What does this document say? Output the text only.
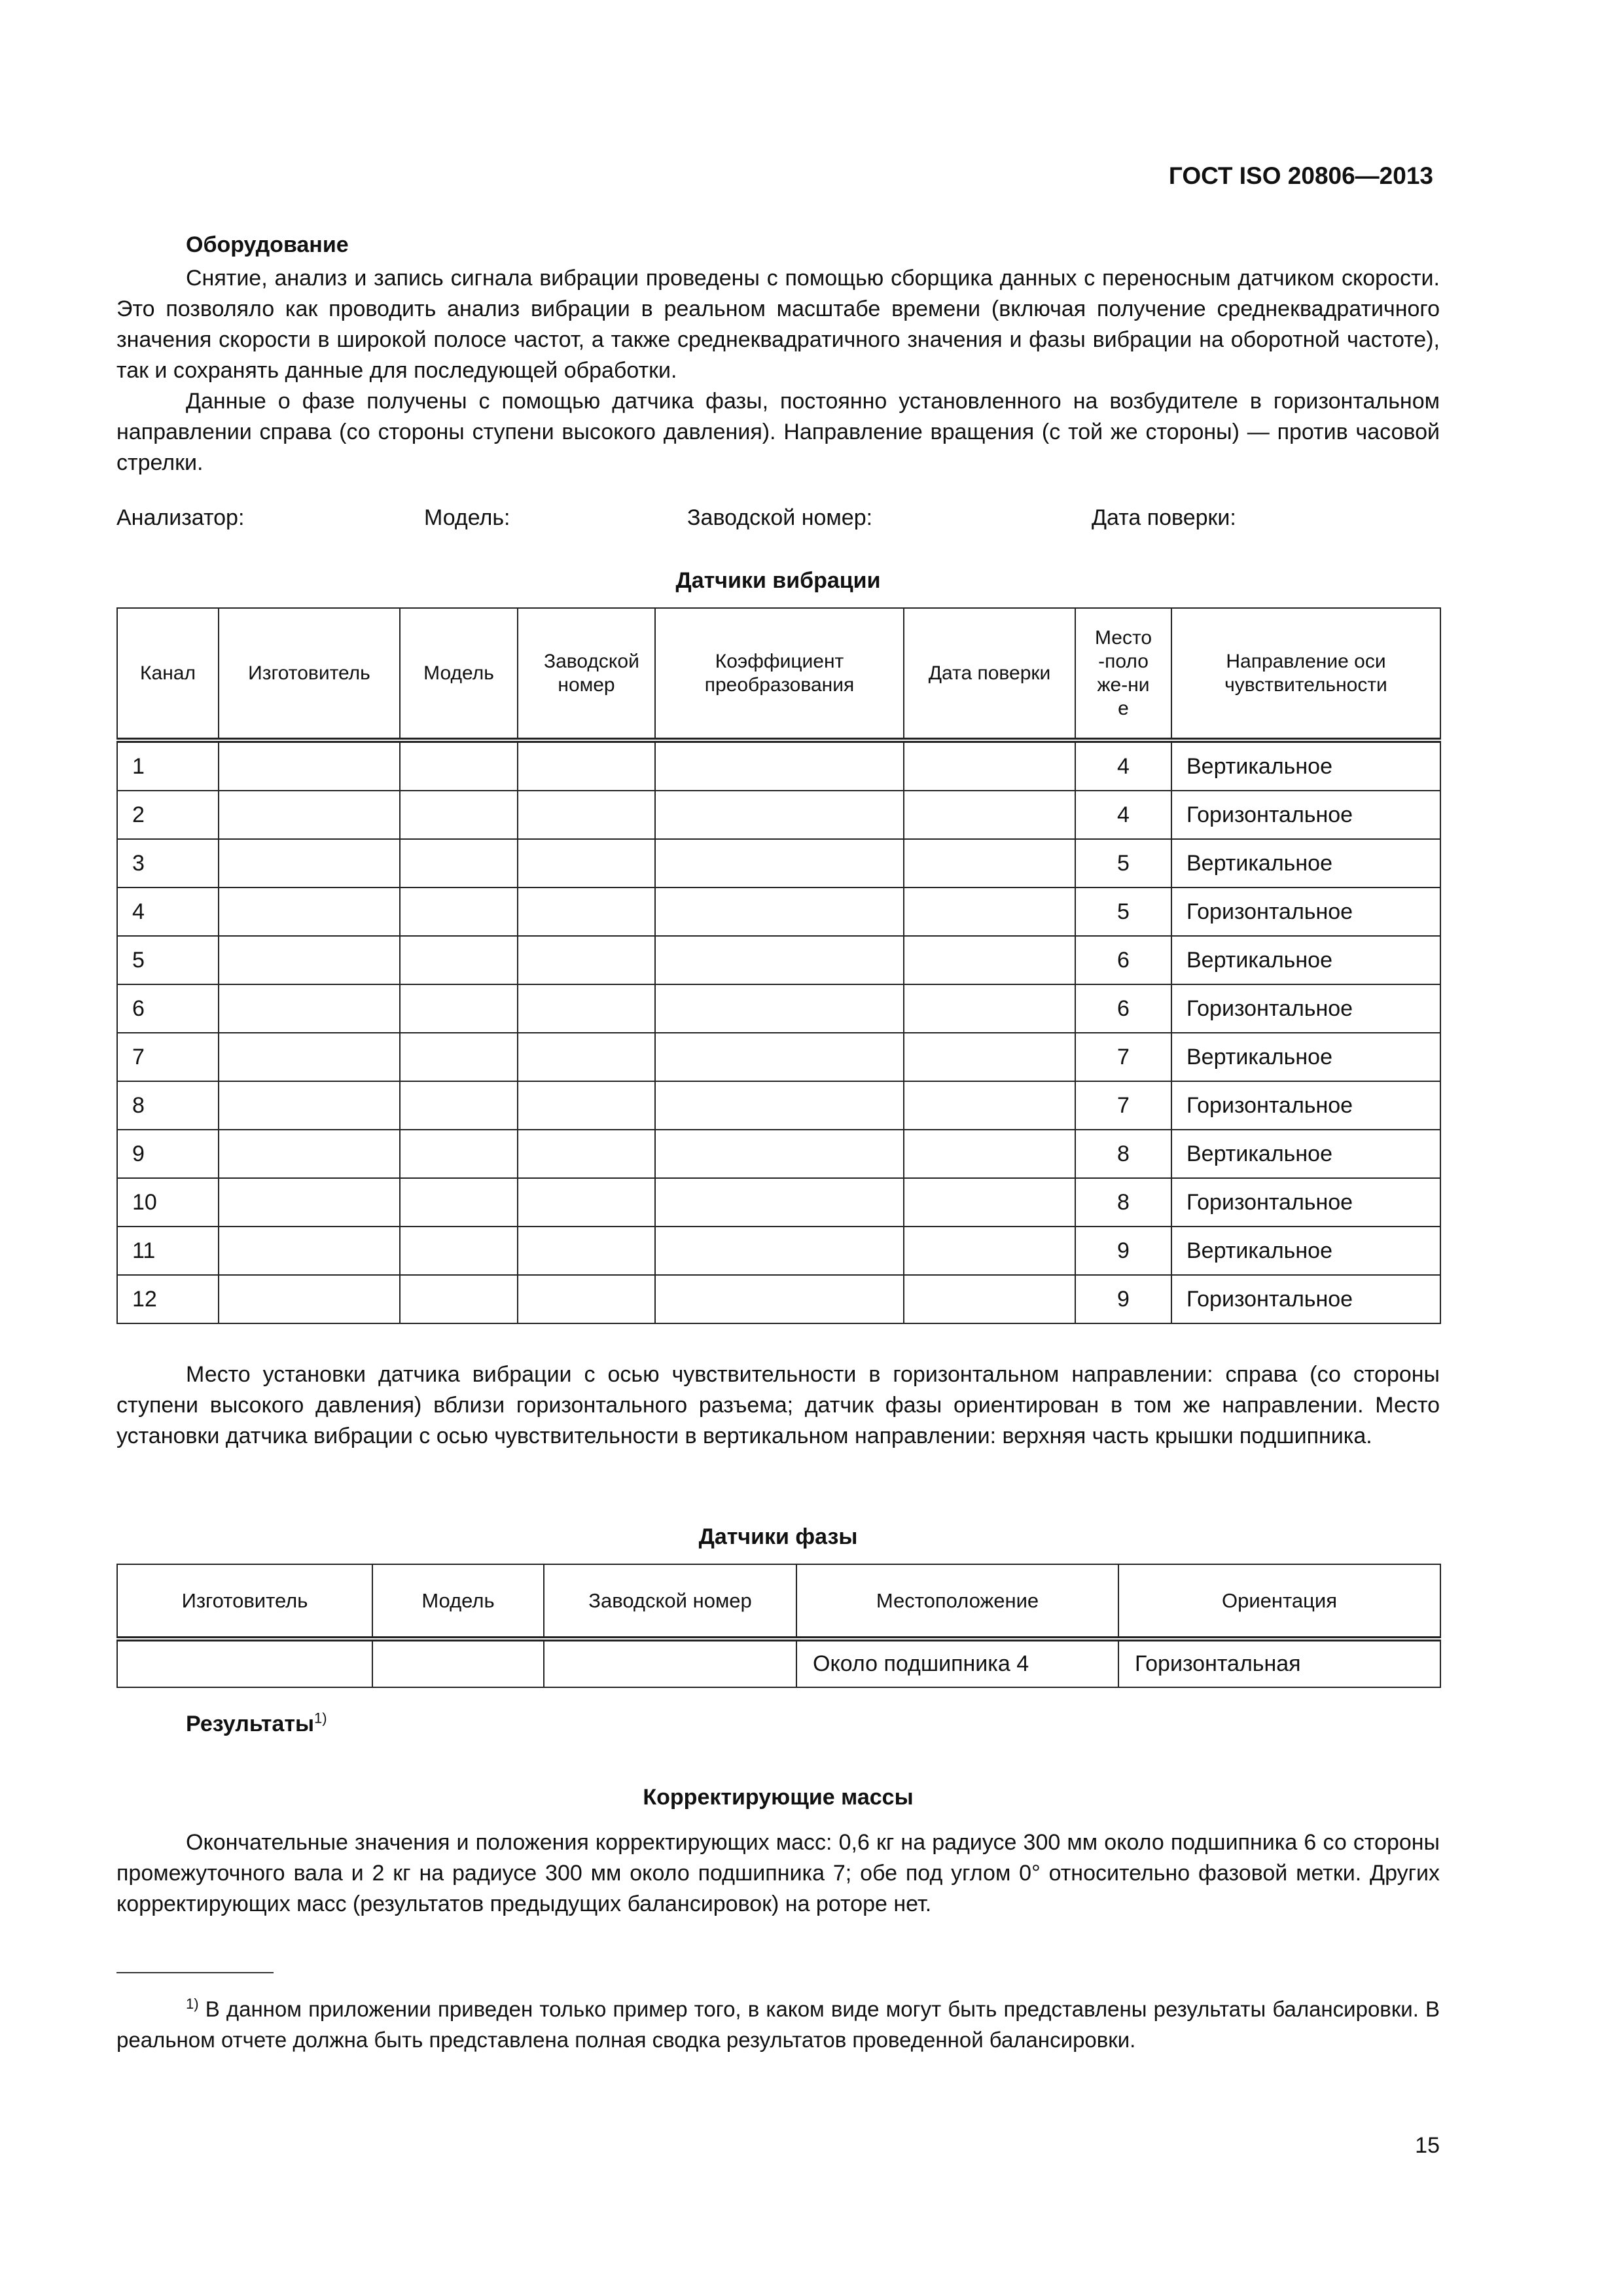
ГОСТ ISO 20806—2013
Оборудование
Снятие, анализ и запись сигнала вибрации проведены с помощью сборщика данных с переносным датчиком скорости. Это позволяло как проводить анализ вибрации в реальном масштабе времени (включая получение среднеквадратичного значения скорости в широкой полосе частот, а также среднеквадратичного значения и фазы вибрации на оборотной частоте), так и сохранять данные для последующей обработки.
Данные о фазе получены с помощью датчика фазы, постоянно установленного на возбудителе в горизонтальном направлении справа (со стороны ступени высокого давления). Направление вращения (с той же стороны) — против часовой стрелки.
Анализатор:	Модель:	Заводской номер:	Дата поверки:
Датчики вибрации
Канал	Изготовитель	Модель	Заводской номер	Коэффициент преобразования	Дата поверки	Место-положе-ние	Направление оси чувствительности

1						4	Вертикальное
2						4	Горизонтальное
3						5	Вертикальное
4						5	Горизонтальное
5						6	Вертикальное
6						6	Горизонтальное
7						7	Вертикальное
8						7	Горизонтальное
9						8	Вертикальное
10						8	Горизонтальное
11						9	Вертикальное
12						9	Горизонтальное
Место установки датчика вибрации с осью чувствительности в горизонтальном направлении: справа (со стороны ступени высокого давления) вблизи горизонтального разъема; датчик фазы ориентирован в том же направлении. Место установки датчика вибрации с осью чувствительности в вертикальном направлении: верхняя часть крышки подшипника.
Датчики фазы
Изготовитель	Модель	Заводской номер	Местоположение	Ориентация
			Около подшипника 4	Горизонтальная
Результаты$^{1)}$
Корректирующие массы
Окончательные значения и положения корректирующих масс: 0,6 кг на радиусе 300 мм около подшипника 6 со стороны промежуточного вала и 2 кг на радиусе 300 мм около подшипника 7; обе под углом 0° относительно фазовой метки. Других корректирующих масс (результатов предыдущих балансировок) на роторе нет.
$^{1)}$ В данном приложении приведен только пример того, в каком виде могут быть представлены результаты балансировки. В реальном отчете должна быть представлена полная сводка результатов проведенной балансировки.
15
